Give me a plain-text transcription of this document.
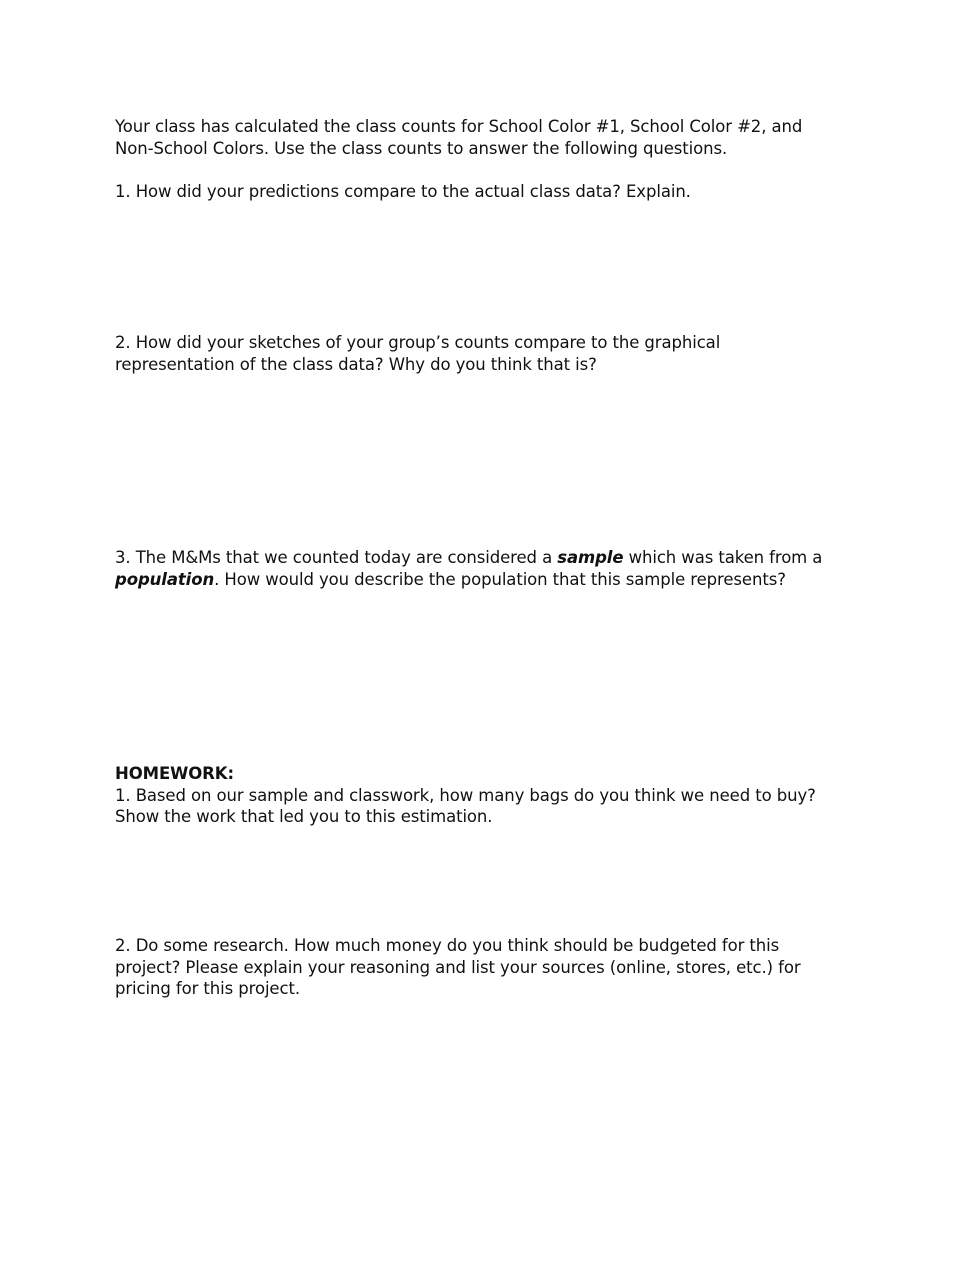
Your class has calculated the class counts for School Color #1, School Color #2, and
Non-School Colors. Use the class counts to answer the following questions.

1. How did your predictions compare to the actual class data? Explain.

2. How did your sketches of your group’s counts compare to the graphical
representation of the class data? Why do you think that is?

3. The M&Ms that we counted today are considered a sample which was taken from a
population. How would you describe the population that this sample represents?

HOMEWORK:
1. Based on our sample and classwork, how many bags do you think we need to buy?
Show the work that led you to this estimation.

2. Do some research. How much money do you think should be budgeted for this
project? Please explain your reasoning and list your sources (online, stores, etc.) for
pricing for this project.
